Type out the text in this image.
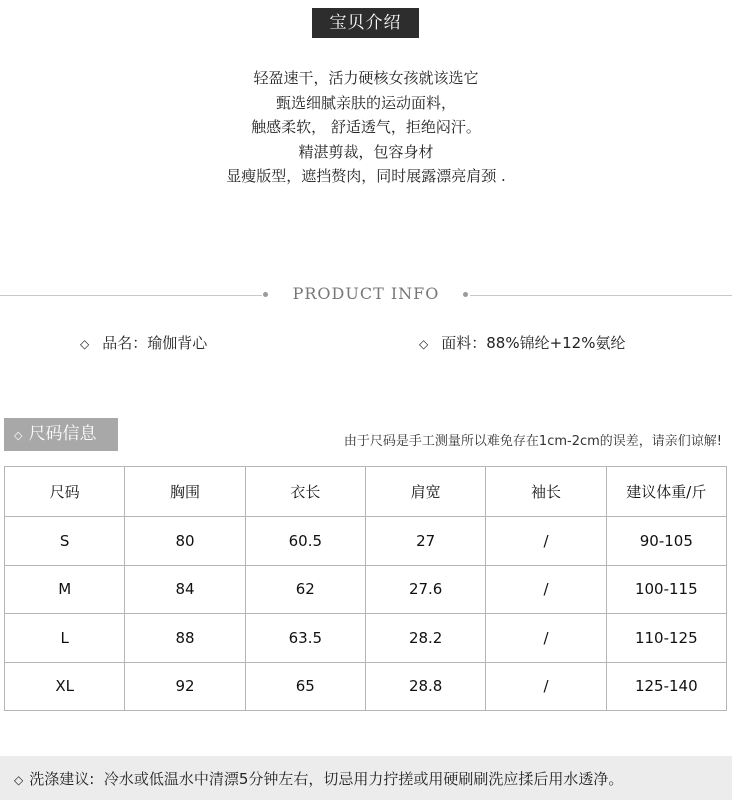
宝贝介绍
轻盈速干，活力硬核女孩就该选它
甄选细腻亲肤的运动面料，
触感柔软， 舒适透气，拒绝闷汗。
精湛剪裁，包容身材
显瘦版型，遮挡赘肉，同时展露漂亮肩颈 .
PRODUCT INFO
◇ 品名：瑜伽背心	◇ 面料：88%锦纶+12%氨纶
◇ 尺码信息	由于尺码是手工测量所以难免存在1cm-2cm的误差，请亲们谅解!
尺码	胸围	衣长	肩宽	袖长	建议体重/斤
S	80	60.5	27	/	90-105
M	84	62	27.6	/	100-115
L	88	63.5	28.2	/	110-125
XL	92	65	28.8	/	125-140
◇ 洗涤建议: 冷水或低温水中清漂5分钟左右，切忌用力拧搓或用硬刷刷洗应揉后用水透净。
